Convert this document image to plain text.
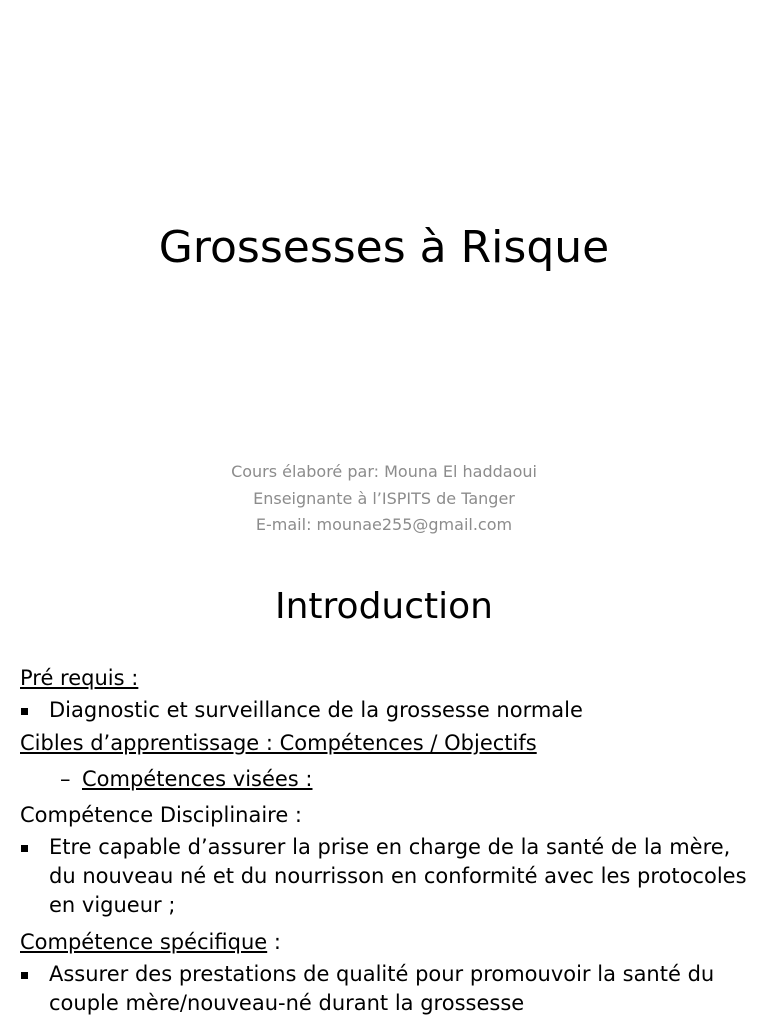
Grossesses à Risque
Cours élaboré par: Mouna El haddaoui
Enseignante à l’ISPITS de Tanger
E-mail: mounae255@gmail.com
Introduction
Pré requis :
Diagnostic et surveillance de la grossesse normale
Cibles d’apprentissage : Compétences / Objectifs
– Compétences visées :
Compétence Disciplinaire :
Etre capable d’assurer la prise en charge de la santé de la mère, du nouveau né et du nourrisson en conformité avec les protocoles en vigueur ;
Compétence spécifique :
Assurer des prestations de qualité pour promouvoir la santé du couple mère/nouveau-né durant la grossesse
